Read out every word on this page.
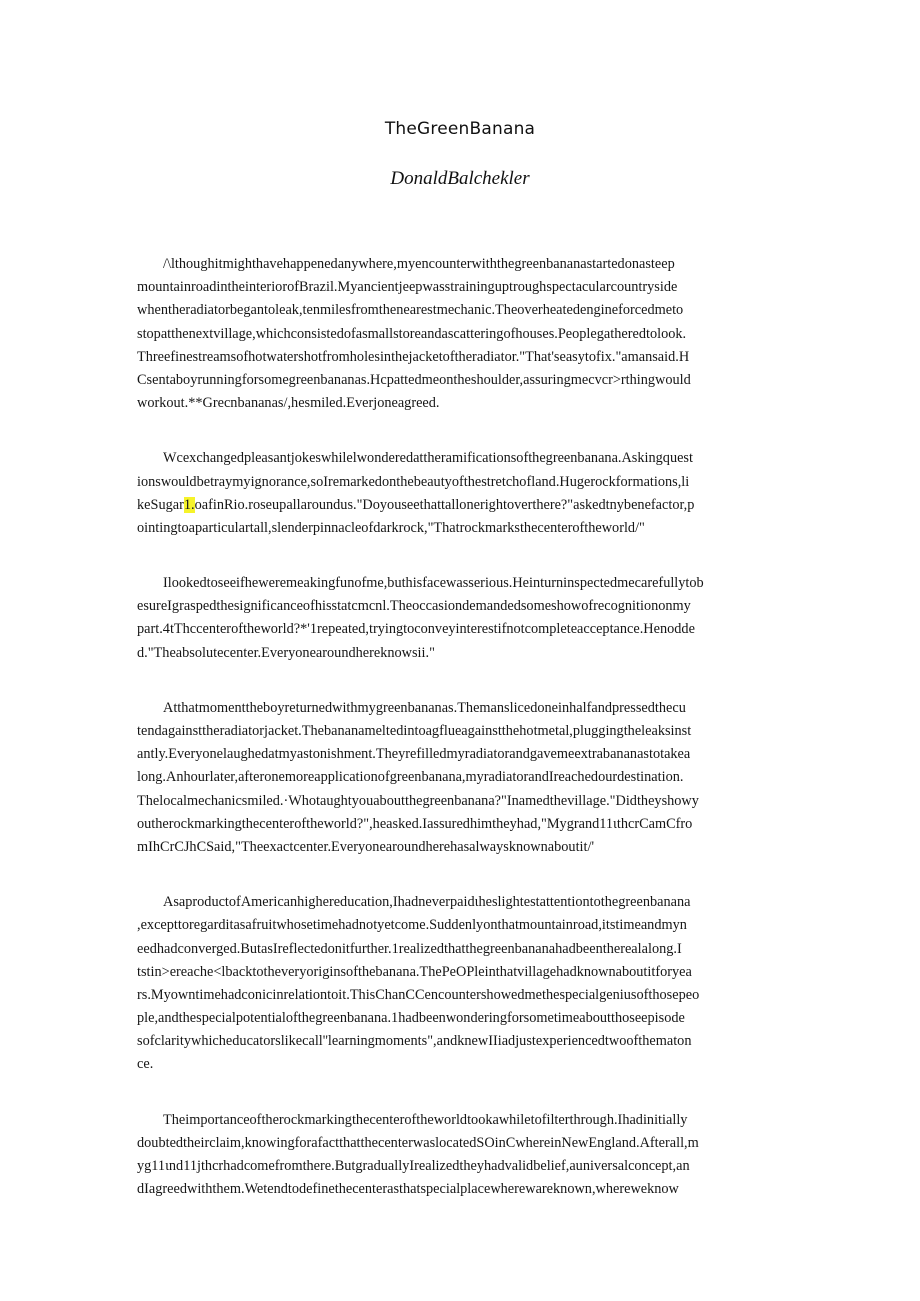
TheGreenBanana
DonaldBalchekler
/\lthoughitmighthavehappenedanywhere,myencounterwiththegreenbananastartedonasteep
mountainroadintheinteriorofBrazil.Myancientjeepwasstraininguptroughspectacularcountryside
whentheradiatorbegantoleak,tenmilesfromthenearestmechanic.Theoverheatedengineforcedmeto
stopatthenextvillage,whichconsistedofasmallstoreandascatteringofhouses.Peoplegatheredtolook.
Threefinestreamsofhotwatershotfromholesinthejacketoftheradiator."That'seasytofix."amansaid.H
Csentaboyrunningforsomegreenbananas.Hcpattedmeontheshoulder,assuringmecvcr>rthingwould
workout.**Grecnbananas/,hesmiled.Everjoneagreed.
Wcexchangedpleasantjokeswhilelwonderedattheramificationsofthegreenbanana.Askingquest
ionswouldbetraymyignorance,soIremarkedonthebeautyofthestretchofland.Hugerockformations,li
keSugar1.oafinRio.roseupallaroundus."Doyouseethattallonerightoverthere?"askedtnybenefactor,p
ointingtoaparticulartall,slenderpinnacleofdarkrock,"Thatrockmarksthecenteroftheworld/"
Ilookedtoseeifhewereme​aking​funofme,buthisfacewasserious.Heinturninspectedmecarefullytob
esureIgraspedthesignificanceofhisstatcmcnl.Theoccasiondemandedsomeshowofrecognitiononmy
part.4tThccenteroftheworld?*'1repeated,tryingtoconveyinterestifnotcompleteacceptance.Henodde
d."Theabsolutecenter.Everyonearoundhereknowsii."
Atthatmomenttheboyreturnedwithmygreenbananas.Themanslicedoneinhalfandpressedthecu
tendagainsttheradiatorjacket.Thebananameltedintoagflueagainstthehotmetal,pluggingtheleaksinst
antly.Everyonelaughedatmyastonishment.Theyrefilledmyradiatorandgavemeextrabananastotakea
long.Anhourlater,afteronemoreapplicationofgreenbanana,myradiatorandIreachedourdestination.
Thelocalmechanicsmiled.·Whotaughtyouaboutthegreenbanana?"Inamedthevillage."Didtheyshowy
outherockmarkingthecenteroftheworld?",heasked.Iassuredhimtheyhad,"Mygrand11ιthcrCamCfro
mIhCrCJhCSaid,"Theexactcenter.Everyonearoundherehasalwaysknownaboutit/'
AsaproductofAmericanhighereducation,Ihadneverpaidιheslightestattentiontothegreenbanana
,excepttoregarditasafruitwhosetimehadnotyetcome.Suddenlyonthatmountainroad,itstimeandmyn
eedhadconverged.ButasIreflectedonitfurther.1realizedthatthegreenbananahadbeentherealalong.I
tstin>ereache<lbacktotheveryoriginsofthebanana.ThePeOPleinthatvillagehadknownaboutitforyea
rs.Myowntimehadconicinrelationtoit.ThisChanCCencountershowedmethespecialgeniusofthosepeo
ple,andthespecialpotentialofthegreenbanana.1hadbeenwonderingforsometimeaboutthoseepisode
sofclaritywhicheducatorslikecall''learningmoments",andknewIIiadjustexperiencedtwoofthematon
ce.
Theimportanceoftherockmarkingthecenteroftheworldtookawhiletofilterthrough.Ihadinitially
doubtedtheirclaim,knowingforafactthatthecenterwaslocatedSOinCwhereinNewEngland.Afterall,m
yg11ιnd11jthcrhadcomefromthere.ButgraduallyIrealizedtheyhadvalidbelief,auniversalconcept,an
dIagreedwiththem.Wetendtodefinethecenterasthatspecialplacewherewareknown,whereweknow
